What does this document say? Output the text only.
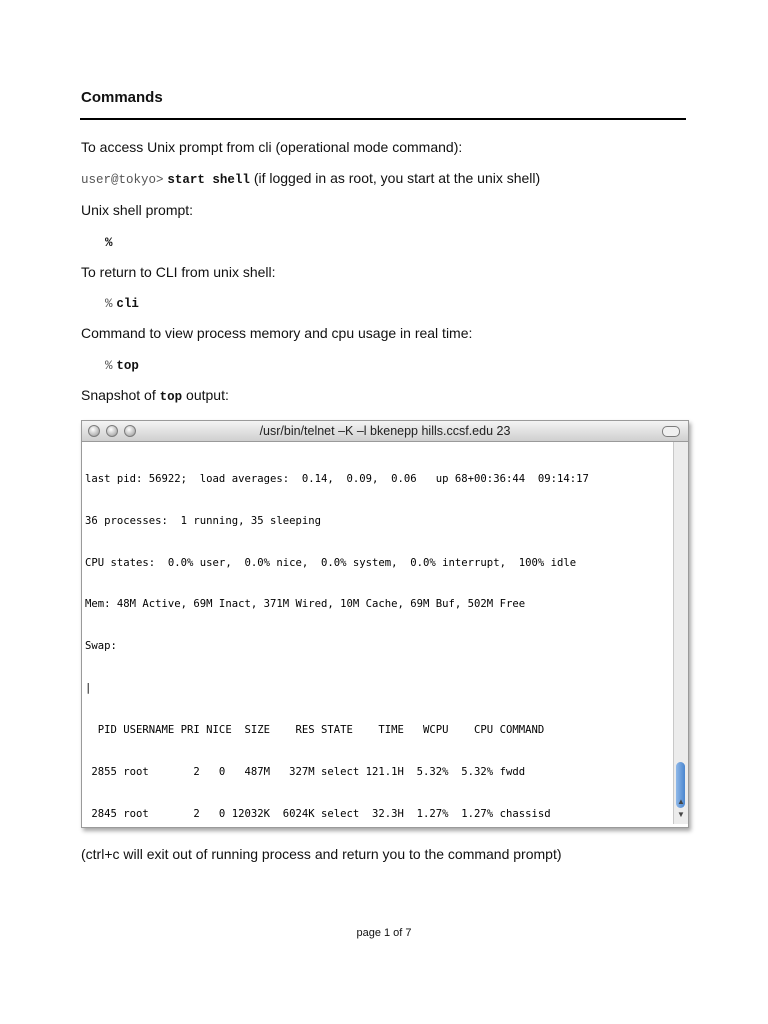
Commands
To access Unix prompt from cli (operational mode command):
user@tokyo> start shell (if logged in as root, you start at the unix shell)
Unix shell prompt:
%
To return to CLI from unix shell:
% cli
Command to view process memory and cpu usage in real time:
% top
Snapshot of top output:
/usr/bin/telnet –K –l bkenepp hills.ccsf.edu 23

last pid: 56922;  load averages:  0.14,  0.09,  0.06   up 68+00:36:44  09:14:17

36 processes:  1 running, 35 sleeping

CPU states:  0.0% user,  0.0% nice,  0.0% system,  0.0% interrupt,  100% idle

Mem: 48M Active, 69M Inact, 371M Wired, 10M Cache, 69M Buf, 502M Free

Swap:

|

PID USERNAME PRI NICE  SIZE    RES STATE    TIME   WCPU    CPU COMMAND

2855 root       2   0   487M   327M select 121.1H  5.32%  5.32% fwdd

2845 root       2   0 12032K  6024K select  32.3H  1.27%  1.27% chassisd

▲
▼
(ctrl+c will exit out of running process and return you to the command prompt)
page 1 of 7
